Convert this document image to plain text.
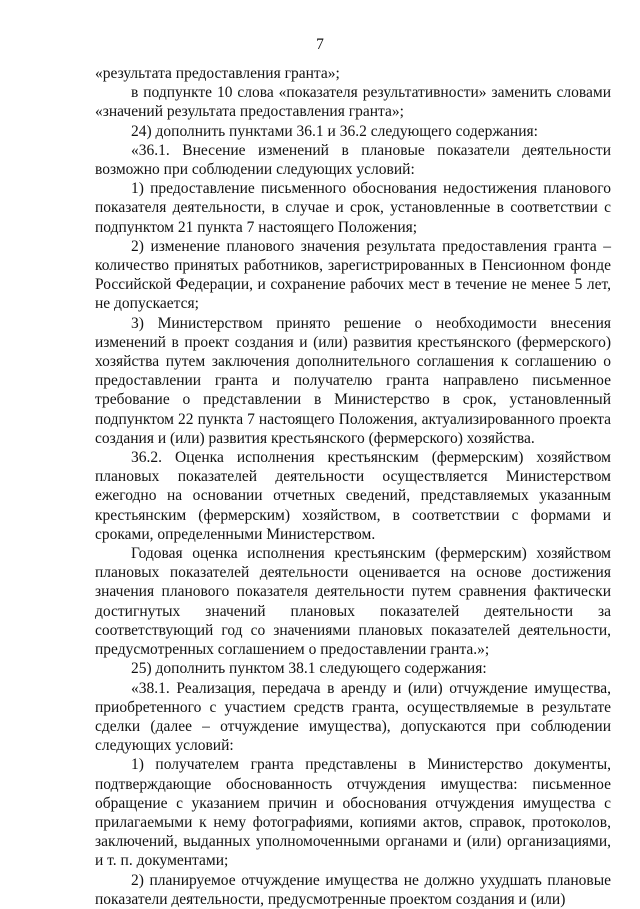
7

«результата предоставления гранта»;

в подпункте 10 слова «показателя результативности» заменить словами «значений результата предоставления гранта»;

24) дополнить пунктами 36.1 и 36.2 следующего содержания:

«36.1. Внесение изменений в плановые показатели деятельности возможно при соблюдении следующих условий:

1) предоставление письменного обоснования недостижения планового показателя деятельности, в случае и срок, установленные в соответствии с подпунктом 21 пункта 7 настоящего Положения;

2) изменение планового значения результата предоставления гранта – количество принятых работников, зарегистрированных в Пенсионном фонде Российской Федерации, и сохранение рабочих мест в течение не менее 5 лет, не допускается;

3) Министерством принято решение о необходимости внесения изменений в проект создания и (или) развития крестьянского (фермерского) хозяйства путем заключения дополнительного соглашения к соглашению о предоставлении гранта и получателю гранта направлено письменное требование о представлении в Министерство в срок, установленный подпунктом 22 пункта 7 настоящего Положения, актуализированного проекта создания и (или) развития крестьянского (фермерского) хозяйства.

36.2. Оценка исполнения крестьянским (фермерским) хозяйством плановых показателей деятельности осуществляется Министерством ежегодно на основании отчетных сведений, представляемых указанным крестьянским (фермерским) хозяйством, в соответствии с формами и сроками, определенными Министерством.

Годовая оценка исполнения крестьянским (фермерским) хозяйством плановых показателей деятельности оценивается на основе достижения значения планового показателя деятельности путем сравнения фактически достигнутых значений плановых показателей деятельности за соответствующий год со значениями плановых показателей деятельности, предусмотренных соглашением о предоставлении гранта.»;

25) дополнить пунктом 38.1 следующего содержания:

«38.1. Реализация, передача в аренду и (или) отчуждение имущества, приобретенного с участием средств гранта, осуществляемые в результате сделки (далее – отчуждение имущества), допускаются при соблюдении следующих условий:

1) получателем гранта представлены в Министерство документы, подтверждающие обоснованность отчуждения имущества: письменное обращение с указанием причин и обоснования отчуждения имущества с прилагаемыми к нему фотографиями, копиями актов, справок, протоколов, заключений, выданных уполномоченными органами и (или) организациями, и т. п. документами;

2) планируемое отчуждение имущества не должно ухудшать плановые показатели деятельности, предусмотренные проектом создания и (или)
